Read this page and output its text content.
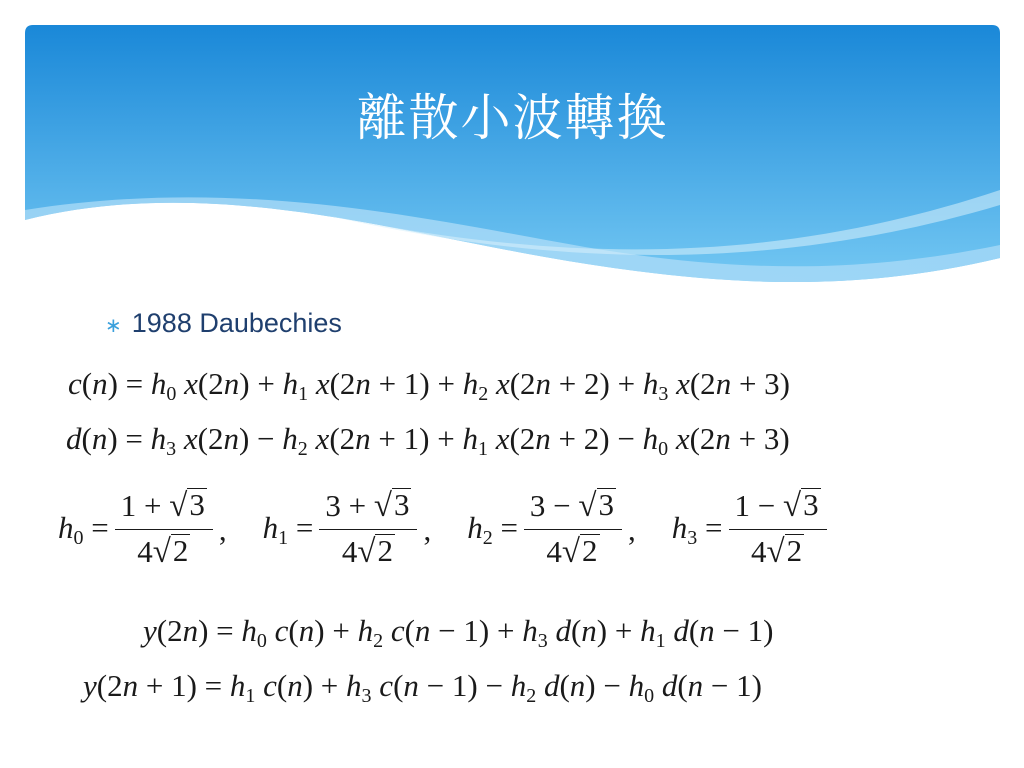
離散小波轉換
∗ 1988 Daubechies
$c(n) = h_0$ $x(2n) + h_1$ $x(2n + 1) + h_2$ $x(2n + 2) + h_3$ x(2n + 3)
$d(n) = h_3$ $x(2n) - h_2$ $x(2n + 1) + h_1$ $x(2n + 2) - h_0$ x(2n + 3)
$h_0 = \frac{1 + √ 3}{4 √ 2}$ , $h_1 = \frac{3 + √ 3}{4 √ 2}$ , $h_2 = \frac{3 - √ 3}{4 √ 2}$ , $h_3 = \frac{1 - √ 3}{4 √ 2}$
$y(2n) = h_0$ $c(n) + h_2$ $c(n - 1) + h_3$ $d(n) + h_1$ d(n − 1)
$y(2n + 1) = h_1$ $c(n) + h_3$ $c(n - 1) - h_2$ $d(n) - h_0$ d(n − 1)
